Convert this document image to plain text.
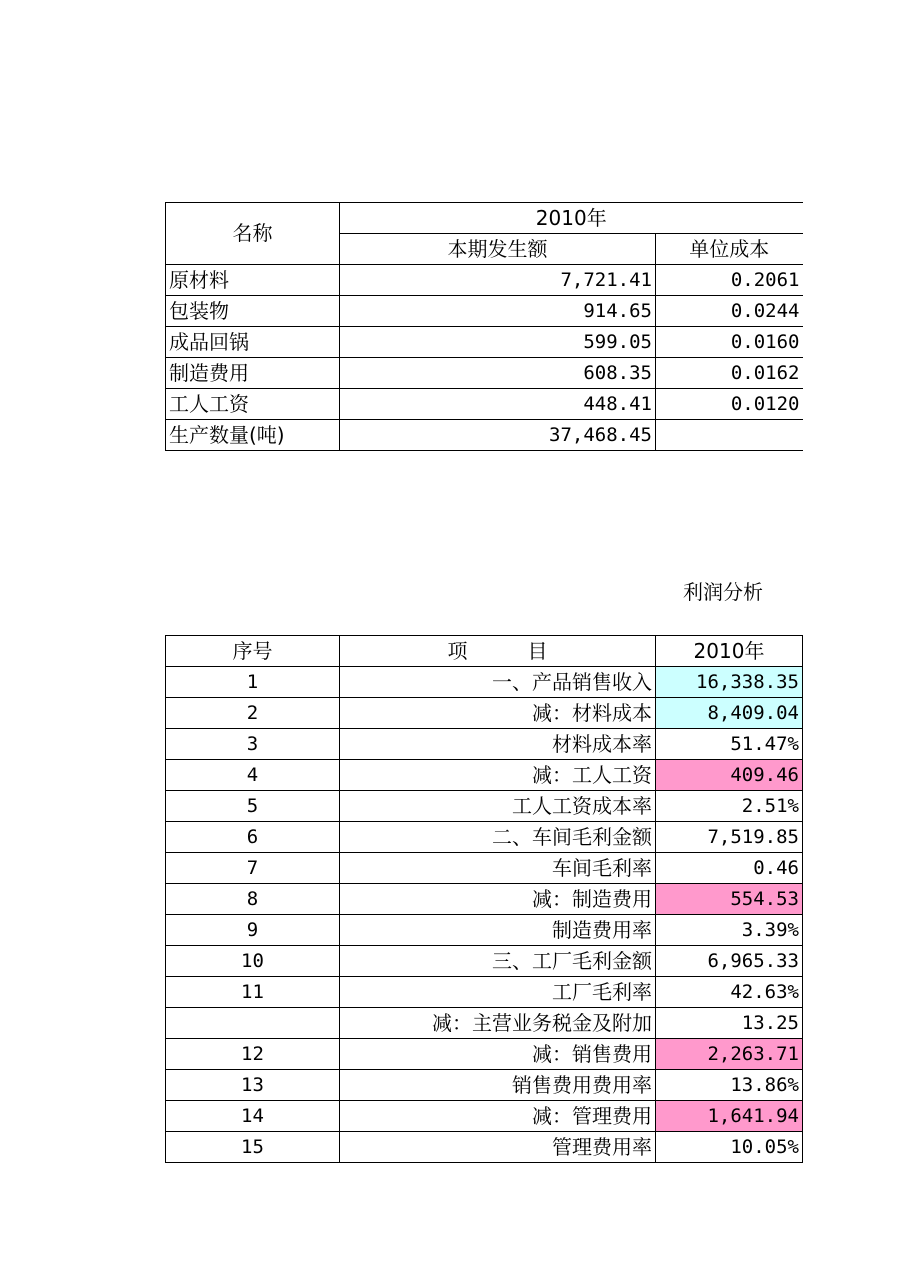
名称	2010年	
	本期发生额	单位成本
原材料	7,721.41	0.2061
包装物	914.65	0.0244
成品回锅	599.05	0.0160
制造费用	608.35	0.0162
工人工资	448.41	0.0120
生产数量(吨)	37,468.45	
利润分析
序号	项　　　目	2010年
1	一、产品销售收入	16,338.35
2	减：材料成本	8,409.04
3	材料成本率	51.47%
4	减：工人工资	409.46
5	工人工资成本率	2.51%
6	二、车间毛利金额	7,519.85
7	车间毛利率	0.46
8	减：制造费用	554.53
9	制造费用率	3.39%
10	三、工厂毛利金额	6,965.33
11	工厂毛利率	42.63%
	减：主营业务税金及附加	13.25
12	减：销售费用	2,263.71
13	销售费用费用率	13.86%
14	减：管理费用	1,641.94
15	管理费用率	10.05%
